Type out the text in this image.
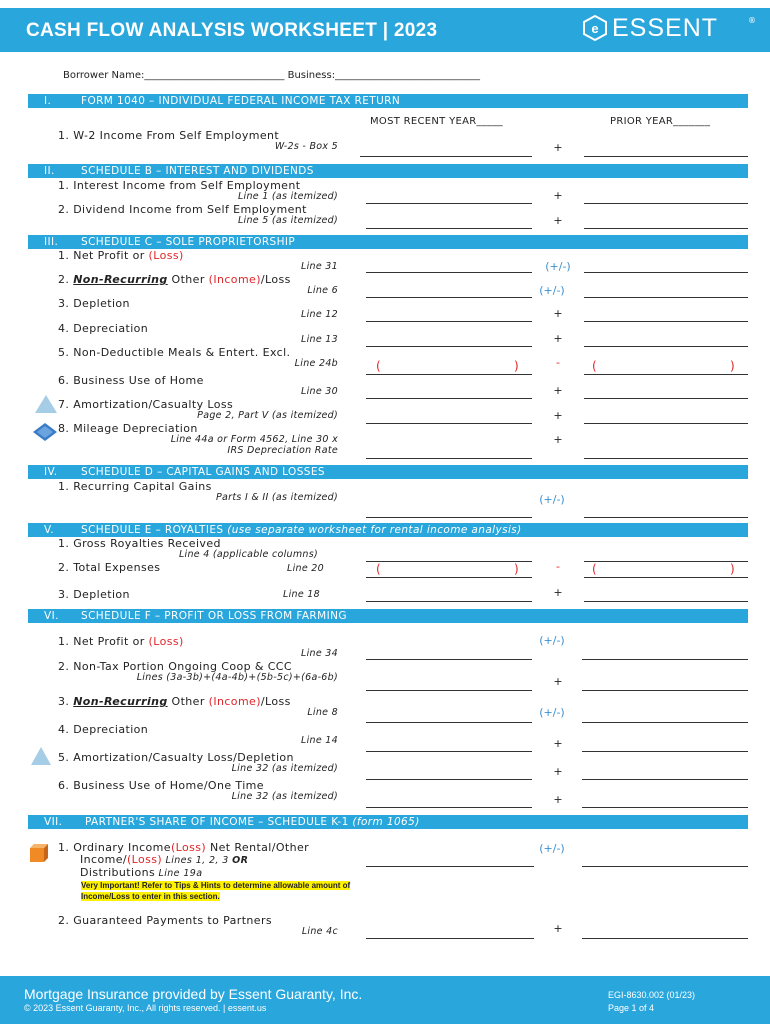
CASH FLOW ANALYSIS WORKSHEET | 2023	e ESSENT	®
Borrower Name:____________________________ Business:_____________________________
I.	FORM 1040 – INDIVIDUAL FEDERAL INCOME TAX RETURN
MOST RECENT YEAR_____	PRIOR YEAR_______
1. W-2 Income From Self Employment
W-2s - Box 5	+
II.	SCHEDULE B – INTEREST AND DIVIDENDS
1. Interest Income from Self Employment
Line 1 (as itemized)	+
2. Dividend Income from Self Employment
Line 5 (as itemized)	+
III. SCHEDULE C – SOLE PROPRIETORSHIP
1. Net Profit or (Loss)
Line 31	(+/-)
2. Non-Recurring Other (Income)/Loss
Line 6	(+/-)
3. Depletion
Line 12	+
4. Depreciation
Line 13	+
5. Non-Deductible Meals & Entert. Excl.
Line 24b	(	)	-	(	)
6. Business Use of Home
Line 30	+
7. Amortization/Casualty Loss
Page 2, Part V (as itemized)	+
8. Mileage Depreciation
Line 44a or Form 4562, Line 30 x
IRS Depreciation Rate
+
IV. SCHEDULE D – CAPITAL GAINS AND LOSSES
1. Recurring Capital Gains
Parts I & II (as itemized)	(+/-)
V.	SCHEDULE E – ROYALTIES (use separate worksheet for rental income analysis)
1. Gross Royalties Received
Line 4 (applicable columns)
2. Total Expenses	Line 20	(	)	-	(	)
3. Depletion	Line 18	+
VI. SCHEDULE F – PROFIT OR LOSS FROM FARMING
1. Net Profit or (Loss)	(+/-)
Line 34
2. Non-Tax Portion Ongoing Coop & CCC
Lines (3a-3b)+(4a-4b)+(5b-5c)+(6a-6b)	+
3. Non-Recurring Other (Income)/Loss
Line 8	(+/-)
4. Depreciation
Line 14	+
5. Amortization/Casualty Loss/Depletion
Line 32 (as itemized)	+
6. Business Use of Home/One Time
Line 32 (as itemized)	+
VII. PARTNER'S SHARE OF INCOME – SCHEDULE K-1 (form 1065)
1. Ordinary Income(Loss) Net Rental/Other
Income/(Loss) Lines 1, 2, 3 OR
Distributions Line 19a
Very Important! Refer to Tips & Hints to determine allowable amount of Income/Loss to enter in this section.
(+/-)
2. Guaranteed Payments to Partners
Line 4c	+
Mortgage Insurance provided by Essent Guaranty, Inc.
© 2023 Essent Guaranty, Inc., All rights reserved. | essent.us
EGI-8630.002 (01/23)
Page 1 of 4
